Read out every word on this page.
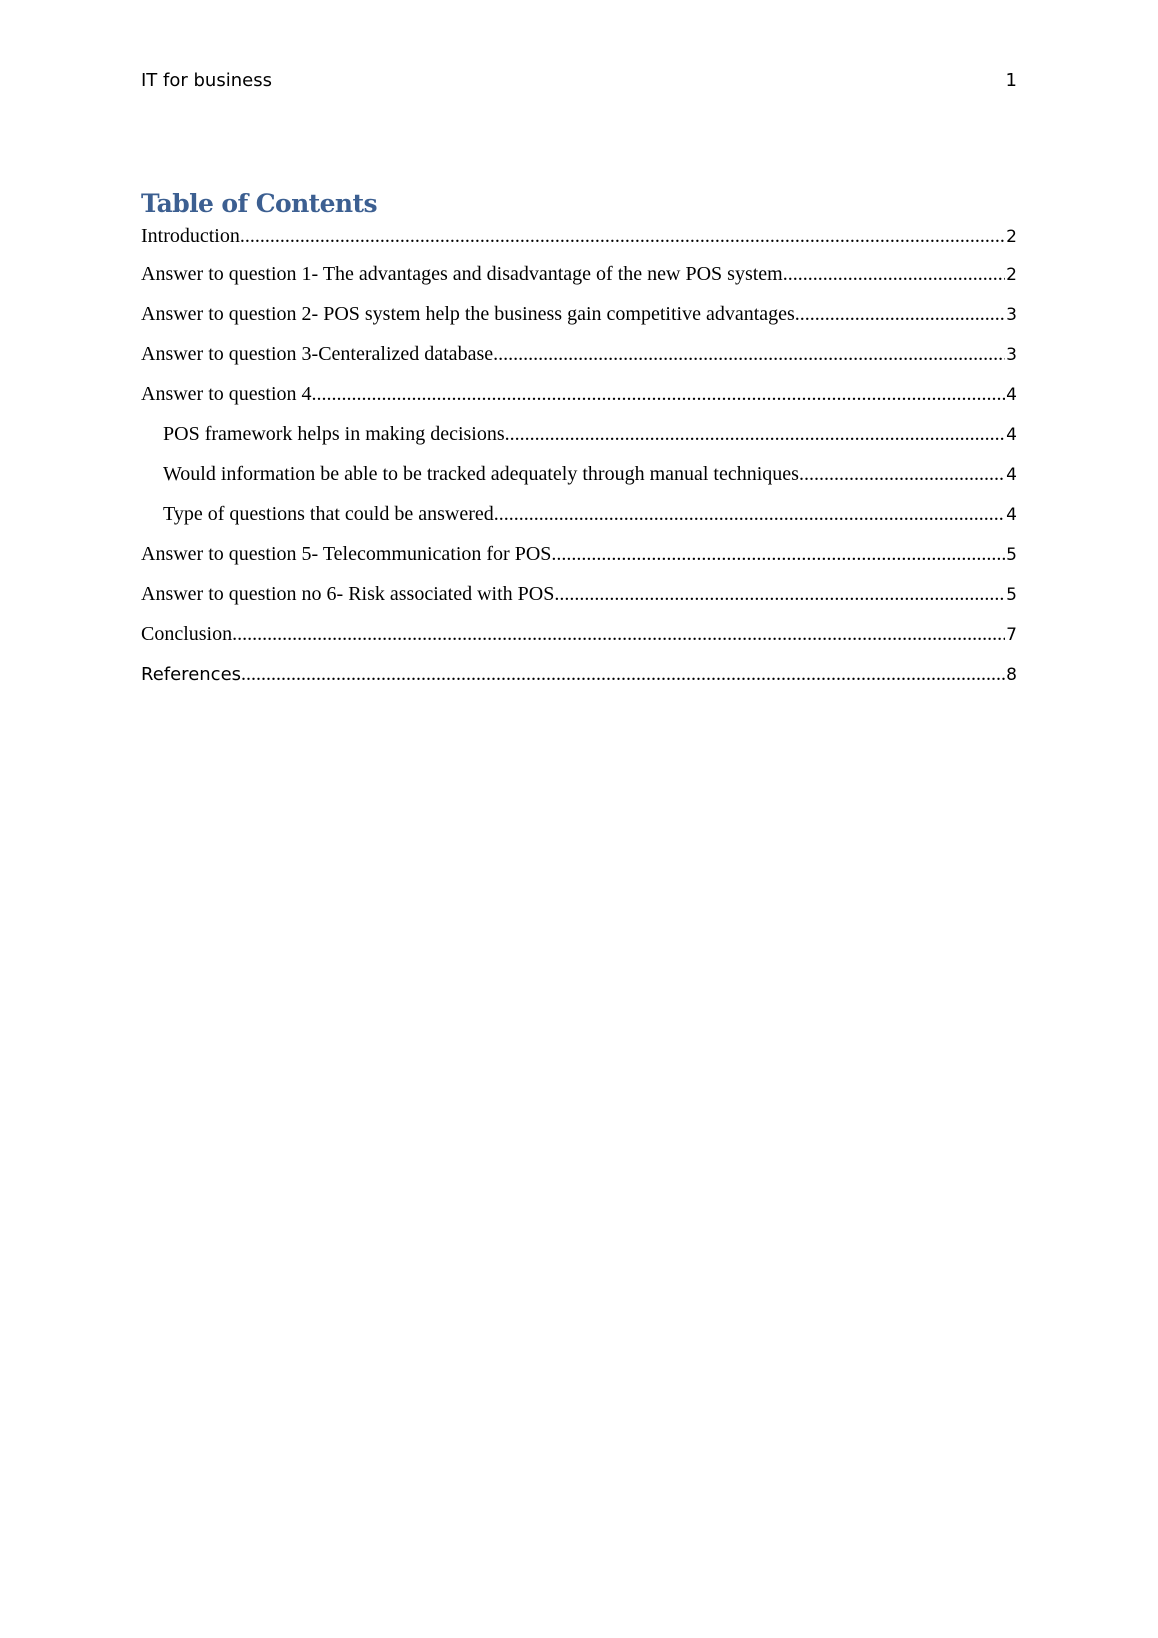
IT for business	1
Table of Contents
Introduction .....	2
Answer to question 1- The advantages and disadvantage of the new POS system .....	2
Answer to question 2- POS system help the business gain competitive advantages .....	3
Answer to question 3-Centeralized database .....	3
Answer to question 4 .....	4
POS framework helps in making decisions .....	4
Would information be able to be tracked adequately through manual techniques .....	4
Type of questions that could be answered .....	4
Answer to question 5- Telecommunication for POS .....	5
Answer to question no 6- Risk associated with POS .....	5
Conclusion .....	7
References .....	8
